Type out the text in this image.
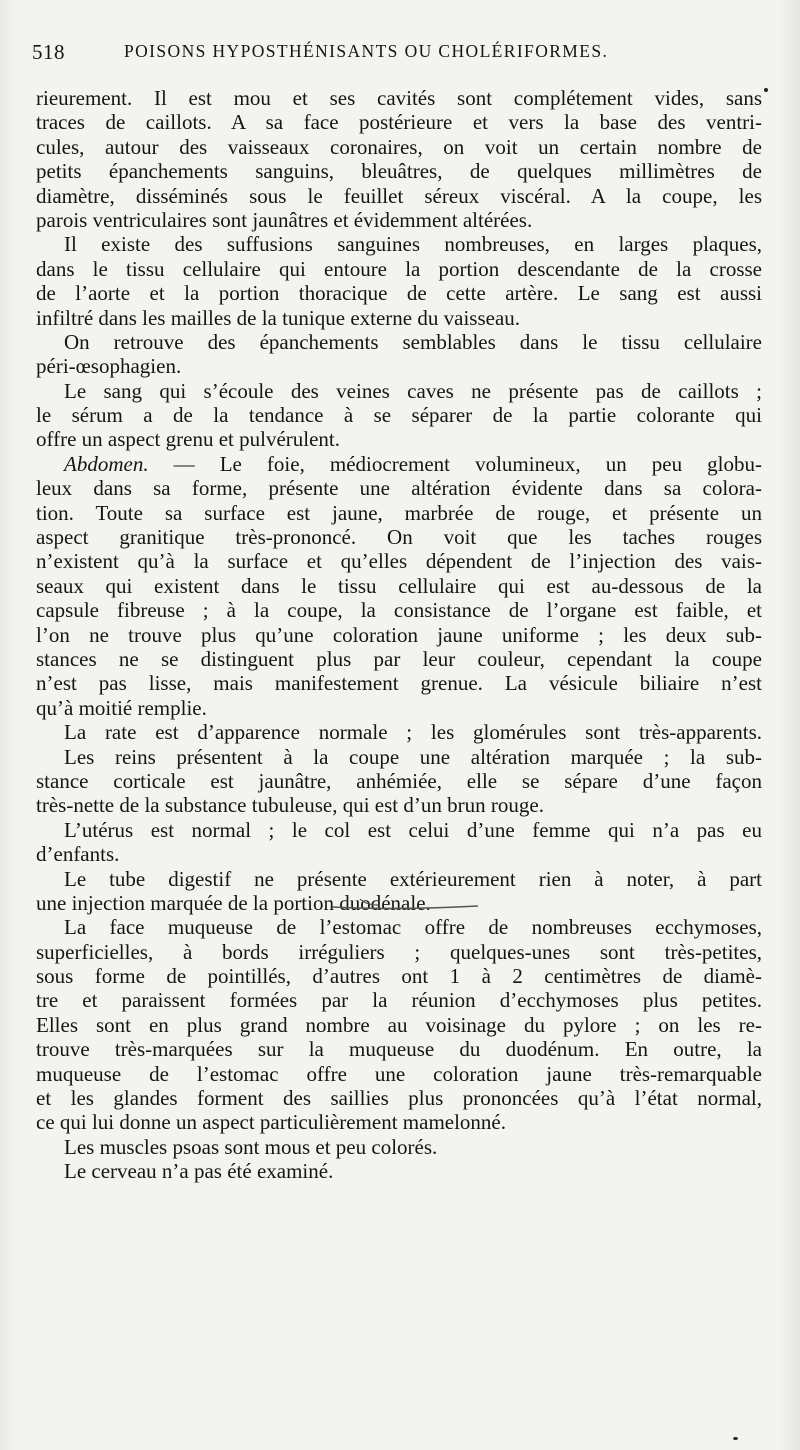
518	POISONS HYPOSTHÉNISANTS OU CHOLÉRIFORMES.
rieurement. Il est mou et ses cavités sont complétement vides, sans
traces de caillots. A sa face postérieure et vers la base des ventri-
cules, autour des vaisseaux coronaires, on voit un certain nombre de
petits épanchements sanguins, bleuâtres, de quelques millimètres de
diamètre, disséminés sous le feuillet séreux viscéral. A la coupe, les
parois ventriculaires sont jaunâtres et évidemment altérées.
Il existe des suffusions sanguines nombreuses, en larges plaques,
dans le tissu cellulaire qui entoure la portion descendante de la crosse
de l’aorte et la portion thoracique de cette artère. Le sang est aussi
infiltré dans les mailles de la tunique externe du vaisseau.
On retrouve des épanchements semblables dans le tissu cellulaire
péri-œsophagien.
Le sang qui s’écoule des veines caves ne présente pas de caillots ;
le sérum a de la tendance à se séparer de la partie colorante qui
offre un aspect grenu et pulvérulent.
Abdomen. — Le foie, médiocrement volumineux, un peu globu-
leux dans sa forme, présente une altération évidente dans sa colora-
tion. Toute sa surface est jaune, marbrée de rouge, et présente un
aspect granitique très-prononcé. On voit que les taches rouges
n’existent qu’à la surface et qu’elles dépendent de l’injection des vais-
seaux qui existent dans le tissu cellulaire qui est au-dessous de la
capsule fibreuse ; à la coupe, la consistance de l’organe est faible, et
l’on ne trouve plus qu’une coloration jaune uniforme ; les deux sub-
stances ne se distinguent plus par leur couleur, cependant la coupe
n’est pas lisse, mais manifestement grenue. La vésicule biliaire n’est
qu’à moitié remplie.
La rate est d’apparence normale ; les glomérules sont très-apparents.
Les reins présentent à la coupe une altération marquée ; la sub-
stance corticale est jaunâtre, anhémiée, elle se sépare d’une façon
très-nette de la substance tubuleuse, qui est d’un brun rouge.
L’utérus est normal ; le col est celui d’une femme qui n’a pas eu
d’enfants.
Le tube digestif ne présente extérieurement rien à noter, à part
une injection marquée de la portion duodénale.
La face muqueuse de l’estomac offre de nombreuses ecchymoses,
superficielles, à bords irréguliers ; quelques-unes sont très-petites,
sous forme de pointillés, d’autres ont 1 à 2 centimètres de diamè-
tre et paraissent formées par la réunion d’ecchymoses plus petites.
Elles sont en plus grand nombre au voisinage du pylore ; on les re-
trouve très-marquées sur la muqueuse du duodénum. En outre, la
muqueuse de l’estomac offre une coloration jaune très-remarquable
et les glandes forment des saillies plus prononcées qu’à l’état normal,
ce qui lui donne un aspect particulièrement mamelonné.
Les muscles psoas sont mous et peu colorés.
Le cerveau n’a pas été examiné.
